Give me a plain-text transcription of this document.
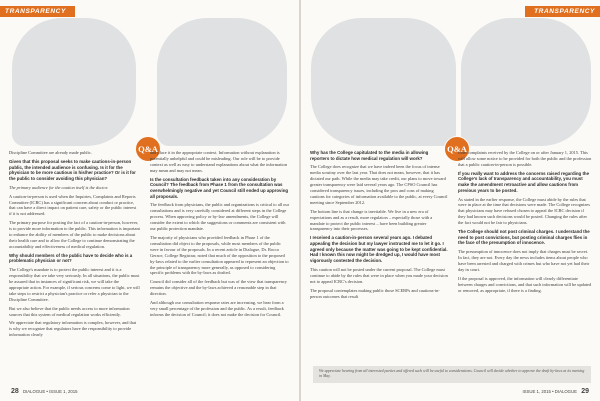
TRANSPARENCY
Q&A

Discipline Committee are already made public.

Given that this proposal seeks to make cautions-in-person public, the intended audience is confusing. Is it for the physician to be more cautious in his/her practice? Or is it for the public to consider avoiding this physician?

The primary audience for the caution itself is the doctor.

A caution-in-person is used when the Inquiries, Complaints and Reports Committee (ICRC) has a significant concern about conduct or practice, that can have a direct impact on patient care, safety or the public interest if it is not addressed.

The primary purpose for posting the fact of a caution-in-person, however, is to provide more information to the public. This information is important to enhance the ability of members of the public to make decisions about their health care and to allow the College to continue demonstrating the accountability and effectiveness of medical regulation.

Why should members of the public have to decide who is a problematic physician or not?

The College's mandate is to protect the public interest and it is a responsibility that we take very seriously. In all situations, the public must be assured that in instances of significant risk, we will take the appropriate action. For example, if serious concerns come to light, we will take steps to restrict a physician's practice or refer a physician to the Discipline Committee.

But we also believe that the public needs access to more information sources that this system of medical regulation works efficiently.

We appreciate that regulatory information is complex, however, and that is why we recognize that regulators have the responsibility to provide information clearly

and place it in the appropriate context. Information without explanation is potentially unhelpful and could be misleading. Our role will be to provide context as well as easy to understand explanations about what the information may mean and may not mean.

Is the consultation feedback taken into any consideration by Council? The feedback from Phase 1 from the consultation was overwhelmingly negative and yet Council still ended up approving all proposals.

The feedback from physicians, the public and organizations is critical to all our consultations and is very carefully considered at different steps in the College process. When approving policy or by-law amendments, the College will consider the extent to which the suggestions or comments are consistent with our public protection mandate.

The majority of physicians who provided feedback in Phase 1 of the consultation did object to the proposals, while most members of the public were in favour of the proposals. In a recent article in Dialogue, Dr. Rocco Gerace, College Registrar, noted that much of the opposition to the proposed by-laws related to the earlier consultation appeared to represent an objection to the principle of transparency more generally, as opposed to considering specific problems with the by-laws as drafted.

Council did consider all of the feedback but was of the view that transparency remains the objective and the by-laws achieved a reasonable step in that direction.

And although our consultation response rates are increasing, we hear from a very small percentage of the profession and the public. As a result, feedback informs the decision of Council; it does not make the decision for Council.

28 DIALOGUE • ISSUE 1, 2015
TRANSPARENCY
Q&A

Why has the College capitulated to the media in allowing reporters to dictate how medical regulation will work?

The College does recognize that we have indeed been the focus of intense media scrutiny over the last year. That does not mean, however, that it has dictated our path. While the media may take credit, our plans to move toward greater transparency were laid several years ago. The CPSO Council has considered transparency issues, including the pros and cons of making cautions for categories of information available to the public, at every Council meeting since September 2012.

The bottom line is that change is inevitable. We live in a new era of expectations and as a result, more regulators – especially those with a mandate to protect the public interest – have been building greater transparency into their processes.

I received a caution-in-person several years ago. I debated appealing the decision but my lawyer instructed me to let it go. I agreed only because the matter was going to be kept confidential. Had I known this now might be dredged up, I would have most vigorously contested the decision.

This caution will not be posted under the current proposal. The College must continue to abide by the rules that were in place when you made your decision not to appeal ICRC's decision.

The proposal contemplates making public those SCERPs and cautions-in-person outcomes that result

from complaints received by the College on or after January 1, 2015. This will allow some notice to be provided for both the public and the profession that a public caution-in-person is possible.

If you really want to address the concerns raised regarding the College's lack of transparency and accountability, you must make the amendment retroactive and allow cautions from previous years to be posted.

As stated in the earlier response, the College must abide by the rules that were in place at the time that decisions were made. The College recognizes that physicians may have refused chosen to appeal the ICRC decision if they had known such decisions would be posted. Changing the rules after the fact would not be fair to physicians.

The College should not post criminal charges. I understand the need to post convictions, but posting criminal charges flies in the face of the presumption of innocence.

The presumption of innocence does not imply that charges must be secret. In fact, they are not. Every day the news includes items about people who have been arrested and charged with crimes but who have not yet had their day in court.

If the proposal is approved, the information will clearly differentiate between charges and convictions, and that such information will be updated or removed, as appropriate, if there is a finding.

ISSUE 1, 2015 • DIALOGUE 29
We appreciate hearing from all interested parties and offered such will be useful to considerations. Council will decide whether to approve the draft by-laws at its meeting in May.
